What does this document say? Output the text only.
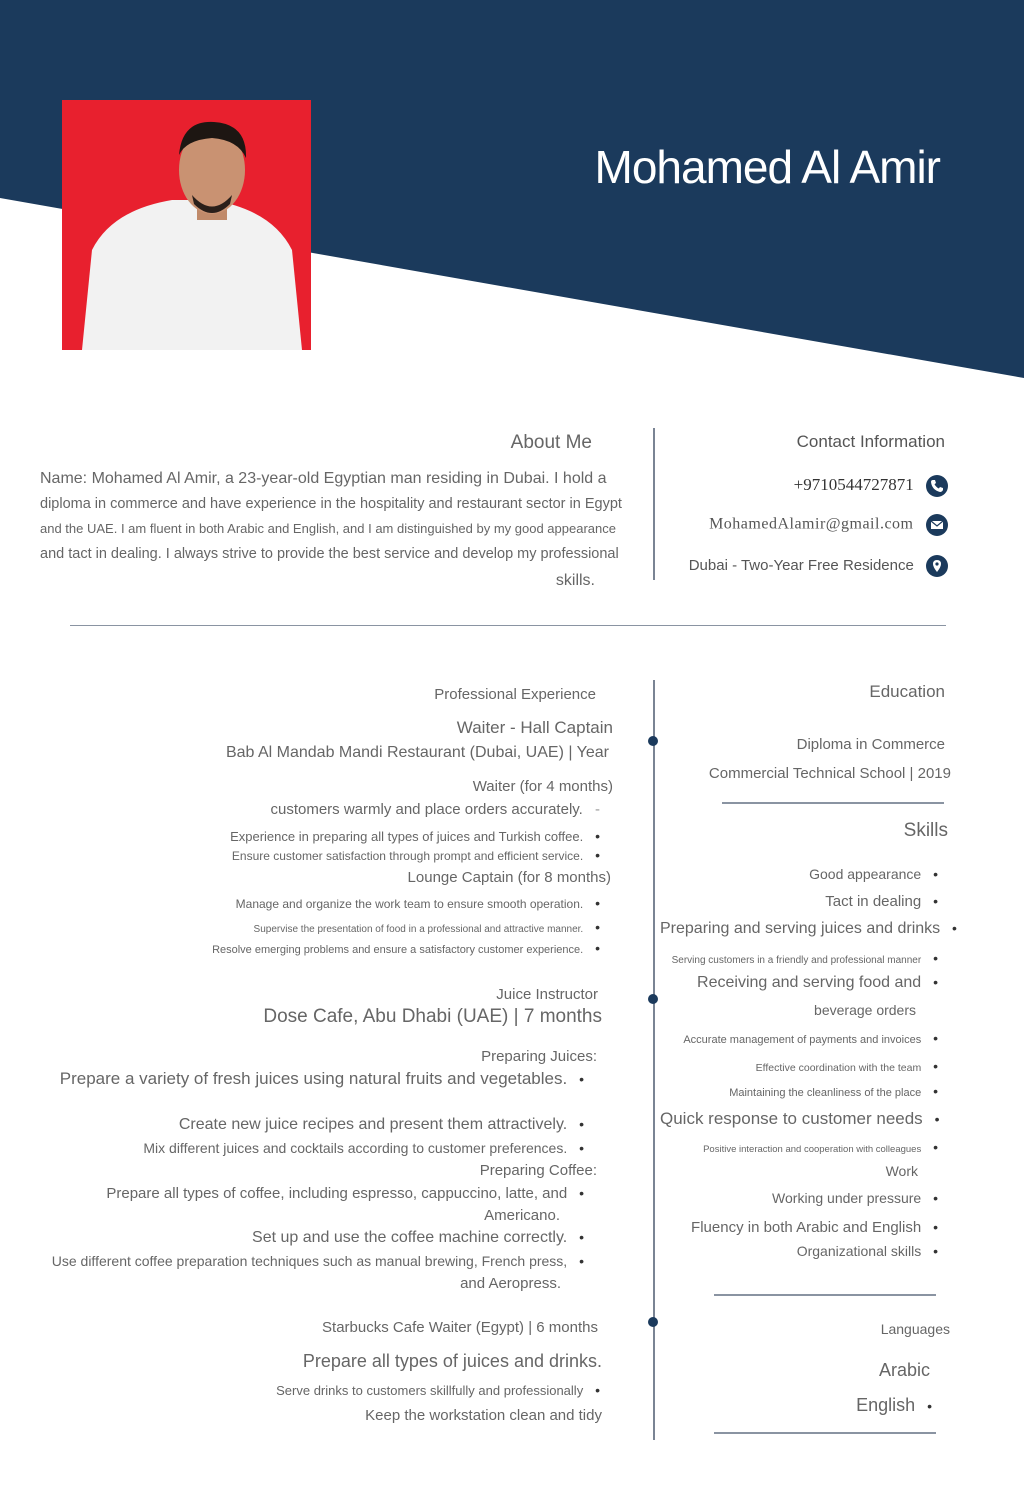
Mohamed Al Amir
About Me
Name: Mohamed Al Amir, a 23-year-old Egyptian man residing in Dubai. I hold a
diploma in commerce and have experience in the hospitality and restaurant sector in Egypt
and the UAE. I am fluent in both Arabic and English, and I am distinguished by my good appearance
and tact in dealing. I always strive to provide the best service and develop my professional
skills.
Contact Information
+9710544727871
MohamedAlamir@gmail.com
Dubai - Two-Year Free Residence
Professional Experience
Waiter - Hall Captain
Bab Al Mandab Mandi Restaurant (Dubai, UAE) | Year
Waiter (for 4 months)
customers warmly and place orders accurately. -
Experience in preparing all types of juices and Turkish coffee. •
Ensure customer satisfaction through prompt and efficient service. •
Lounge Captain (for 8 months)
Manage and organize the work team to ensure smooth operation. •
Supervise the presentation of food in a professional and attractive manner. •
Resolve emerging problems and ensure a satisfactory customer experience. •
Juice Instructor
Dose Cafe, Abu Dhabi (UAE) | 7 months
Preparing Juices:
Prepare a variety of fresh juices using natural fruits and vegetables. •
Create new juice recipes and present them attractively. •
Mix different juices and cocktails according to customer preferences. •
Preparing Coffee:
Prepare all types of coffee, including espresso, cappuccino, latte, and •
Americano.
Set up and use the coffee machine correctly. •
Use different coffee preparation techniques such as manual brewing, French press, •
and Aeropress.
Starbucks Cafe Waiter (Egypt) | 6 months
Prepare all types of juices and drinks.
Serve drinks to customers skillfully and professionally •
Keep the workstation clean and tidy
Education
Diploma in Commerce
Commercial Technical School | 2019
Skills
Good appearance •
Tact in dealing •
Preparing and serving juices and drinks •
Serving customers in a friendly and professional manner •
Receiving and serving food and •
beverage orders
Accurate management of payments and invoices •
Effective coordination with the team •
Maintaining the cleanliness of the place •
Quick response to customer needs •
Positive interaction and cooperation with colleagues •
Work
Working under pressure •
Fluency in both Arabic and English •
Organizational skills •
Languages
Arabic
English •
